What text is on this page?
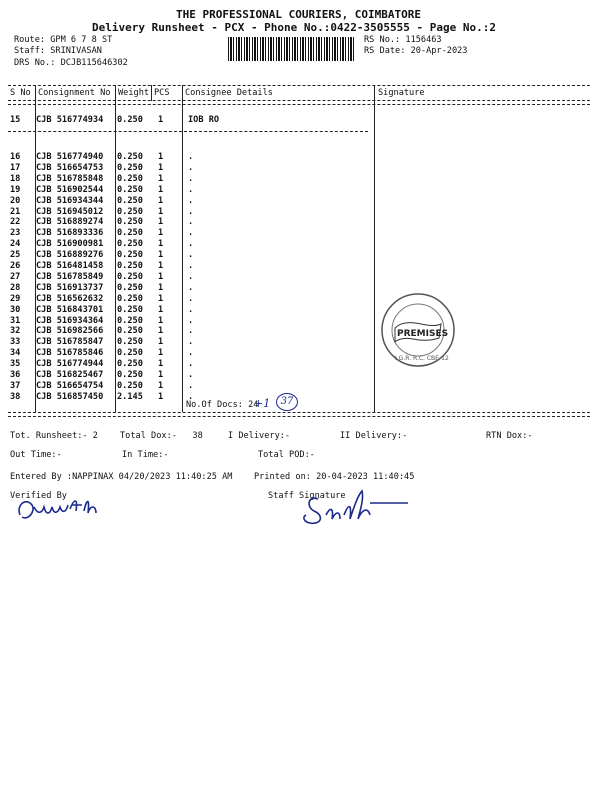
THE PROFESSIONAL COURIERS, COIMBATORE
Delivery Runsheet - PCX - Phone No.:0422-3505555 - Page No.:2
Route: GPM 6 7 8 ST
Staff: SRINIVASAN
DRS No.: DCJB115646302
RS No.: 1156463
RS Date: 20-Apr-2023
S No Consignment No Weight PCS Consignee Details	Signature
15 CJB 516774934 0.250 1	IOB RO
16 CJB 516774940 0.250 1	.
17 CJB 516654753 0.250 1	.
18 CJB 516785848 0.250 1	.
19 CJB 516902544 0.250 1	.
20 CJB 516934344 0.250 1	.
21 CJB 516945012 0.250 1	.
22 CJB 516889274 0.250 1	.
23 CJB 516893336 0.250 1	.
24 CJB 516900981 0.250 1	.
25 CJB 516889276 0.250 1	.
26 CJB 516481458 0.250 1	.
27 CJB 516785849 0.250 1	.
28 CJB 516913737 0.250 1	.
29 CJB 516562632 0.250 1	.
30 CJB 516843701 0.250 1	.
31 CJB 516934364 0.250 1	.
32 CJB 516982566 0.250 1	.
33 CJB 516785847 0.250 1	.
34 CJB 516785846 0.250 1	.
35 CJB 516774944 0.250 1	.
36 CJB 516825467 0.250 1	.
37 CJB 516654754 0.250 1	.
38 CJB 516857450 2.145 1	.
No.Of Docs: 24
+1	37
PREMISES
I.G.R. R.C. CBE-12
Tot. Runsheet:- 2	Total Dox:-   38	I Delivery:-	II Delivery:-	RTN Dox:-
Out Time:-	In Time:-	Total POD:-
Entered By :NAPPINAX 04/20/2023 11:40:25 AM	Printed on: 20-04-2023 11:40:45
Verified By	Staff Signature
